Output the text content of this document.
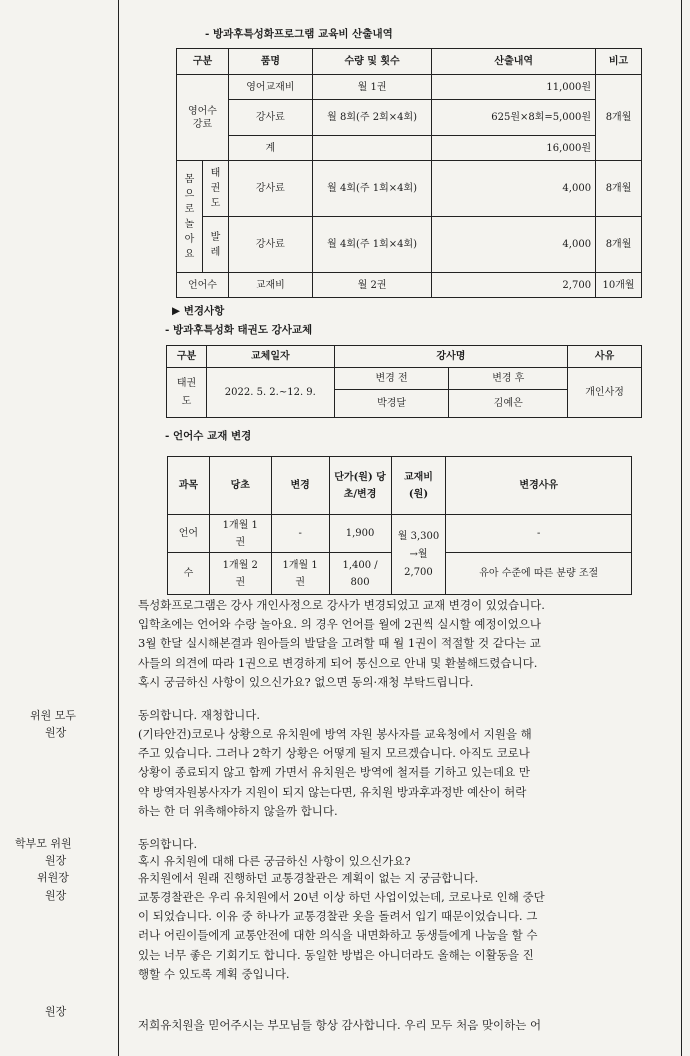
- 방과후특성화프로그램 교육비 산출내역
구분		품명	수량 및 횟수	산출내역	비고
영어수강료		영어교재비	월 1권	11,000원	8개월
		강사료	월 8회(주 2회×4회)	625원×8회=5,000원	
		계		16,000원	
몸으로놀아요	태권도	강사료	월 4회(주 1회×4회)	4,000	8개월
	발레	강사료	월 4회(주 1회×4회)	4,000	8개월
언어수		교재비	월 2권	2,700	10개월
▶ 변경사항
- 방과후특성화 태권도 강사교체
구분	교체일자	강사명		사유
태권도	2022. 5. 2.~12. 9.	변경 전	변경 후	개인사정
		박경달	김예은	
- 언어수 교재 변경
과목	당초	변경	단가(원) 당초/변경	교재비(원)	변경사유
언어	1개월 1권	-	1,900	월 3,300 →월 2,700	-
수	1개월 2권	1개월 1권	1,400 / 800		유아 수준에 따른 분량 조절
특성화프로그램은 강사 개인사정으로 강사가 변경되었고 교재 변경이 있었습니다.
입학초에는 언어와 수랑 놀아요. 의 경우 언어를 월에 2권씩 실시할 예정이었으나
3월 한달 실시해본결과 원아들의 발달을 고려할 때 월 1권이 적절할 것 같다는 교
사들의 의견에 따라 1권으로 변경하게 되어 통신으로 안내 및 환불해드렸습니다.
혹시 궁금하신 사항이 있으신가요? 없으면 동의·재청 부탁드립니다.
위원 모두	동의합니다. 재청합니다.
원장	(기타안건)코로나 상황으로 유치원에 방역 자원 봉사자를 교육청에서 지원을 해
주고 있습니다. 그러나 2학기 상황은 어떻게 될지 모르겠습니다. 아직도 코로나
상황이 종료되지 않고 함께 가면서 유치원은 방역에 철저를 기하고 있는데요 만
약 방역자원봉사자가 지원이 되지 않는다면, 유치원 방과후과정반 예산이 허락
하는 한 더 위촉해야하지 않을까 합니다.
학부모 위원	동의합니다.
원장	혹시 유치원에 대해 다른 궁금하신 사항이 있으신가요?
위원장	유치원에서 원래 진행하던 교통경찰관은 계획이 없는 지 궁금합니다.
원장	교통경찰관은 우리 유치원에서 20년 이상 하던 사업이었는데, 코로나로 인해 중단
이 되었습니다. 이유 중 하나가 교통경찰관 옷을 돌려서 입기 때문이었습니다. 그
러나 어린이들에게 교통안전에 대한 의식을 내면화하고 동생들에게 나눔을 할 수
있는 너무 좋은 기회기도 합니다. 동일한 방법은 아니더라도 올해는 이활동을 진
행할 수 있도록 계획 중입니다.
원장
저희유치원을 믿어주시는 부모님들 항상 감사합니다. 우리 모두 처음 맞이하는 어
